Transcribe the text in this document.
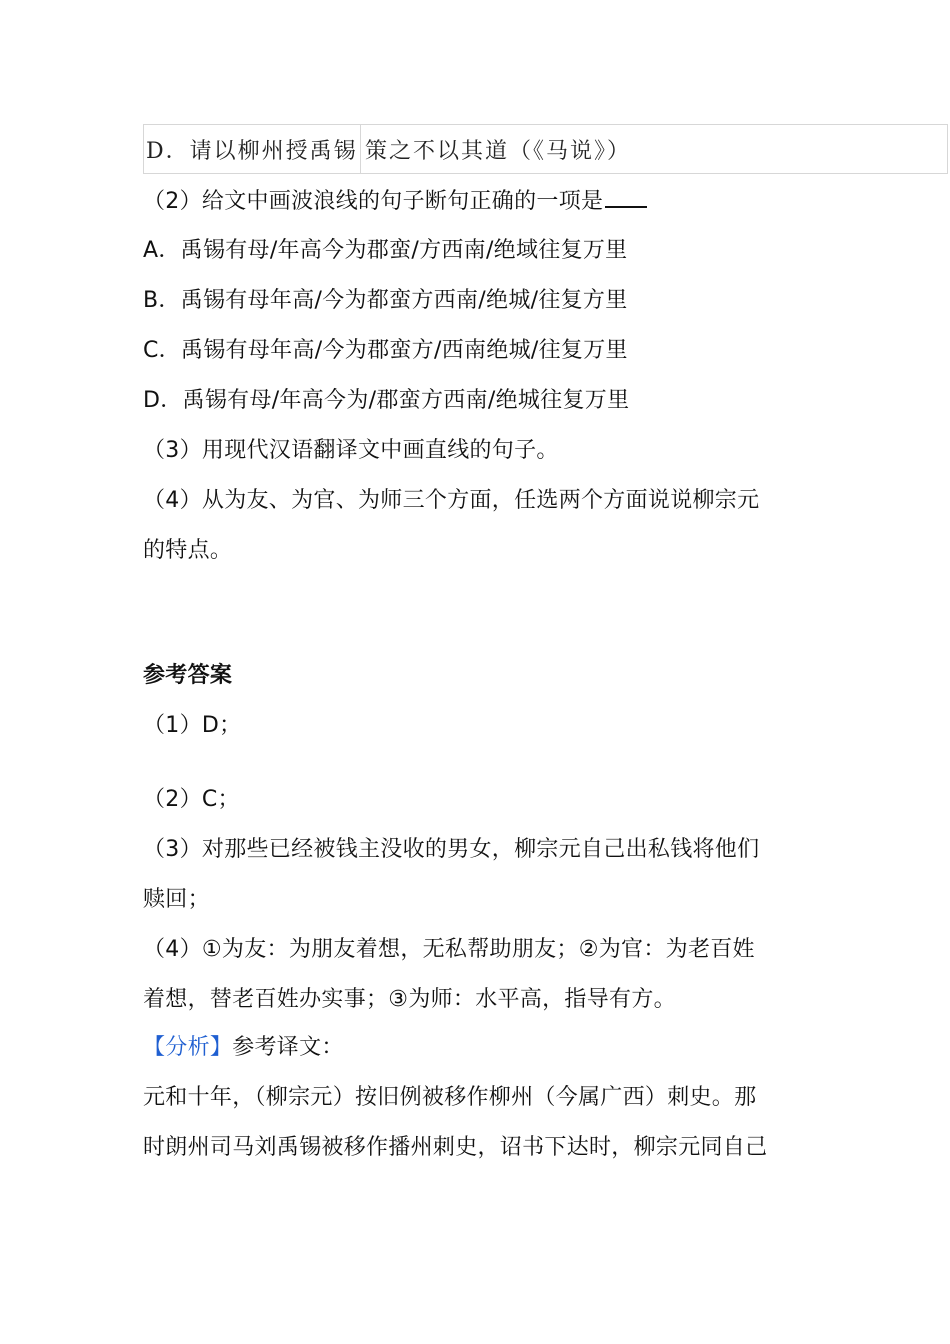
D．请以柳州授禹锡 策之不以其道（《马说》）
（2）给文中画波浪线的句子断句正确的一项是
A．禹锡有母/年高今为郡蛮/方西南/绝域往复万里
B．禹锡有母年高/今为都蛮方西南/绝城/往复方里
C．禹锡有母年高/今为郡蛮方/西南绝城/往复万里
D．禹锡有母/年高今为/郡蛮方西南/绝城往复万里
（3）用现代汉语翻译文中画直线的句子。
（4）从为友、为官、为师三个方面，任选两个方面说说柳宗元
的特点。
参考答案
（1）D；
（2）C；
（3）对那些已经被钱主没收的男女，柳宗元自己出私钱将他们
赎回；
（4）①为友：为朋友着想，无私帮助朋友；②为官：为老百姓
着想，替老百姓办实事；③为师：水平高，指导有方。
【分析】参考译文：
元和十年，（柳宗元）按旧例被移作柳州（今属广西）刺史。那
时朗州司马刘禹锡被移作播州刺史，诏书下达时，柳宗元同自己
